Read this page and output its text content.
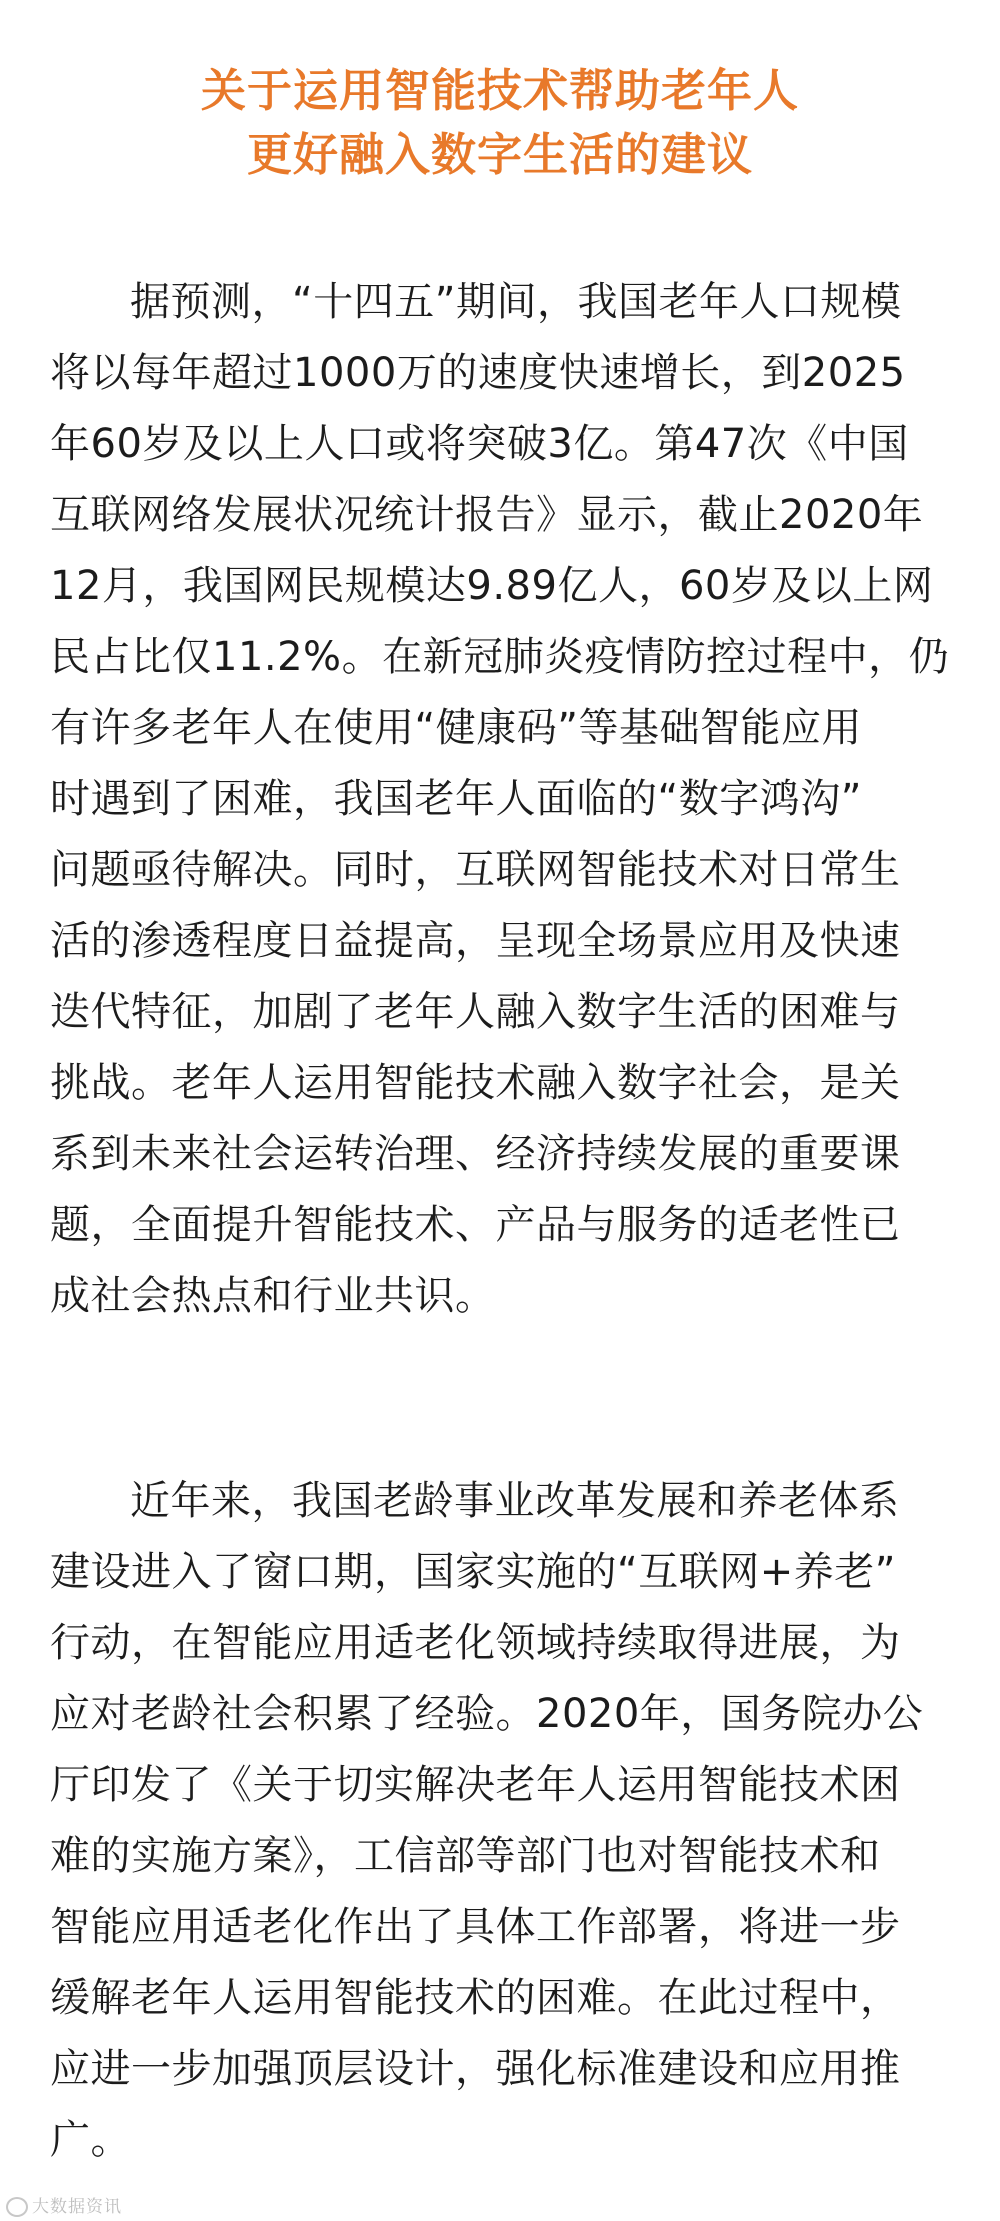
关于运用智能技术帮助老年人
更好融入数字生活的建议
据预测，“十四五”期间，我国老年人口规模
将以每年超过1000万的速度快速增长，到2025
年60岁及以上人口或将突破3亿。第47次《中国
互联网络发展状况统计报告》显示，截止2020年
12月，我国网民规模达9.89亿人，60岁及以上网
民占比仅11.2%。在新冠肺炎疫情防控过程中，仍
有许多老年人在使用“健康码”等基础智能应用
时遇到了困难，我国老年人面临的“数字鸿沟”
问题亟待解决。同时，互联网智能技术对日常生
活的渗透程度日益提高，呈现全场景应用及快速
迭代特征，加剧了老年人融入数字生活的困难与
挑战。老年人运用智能技术融入数字社会，是关
系到未来社会运转治理、经济持续发展的重要课
题，全面提升智能技术、产品与服务的适老性已
成社会热点和行业共识。
近年来，我国老龄事业改革发展和养老体系
建设进入了窗口期，国家实施的“互联网+养老”
行动，在智能应用适老化领域持续取得进展，为
应对老龄社会积累了经验。2020年，国务院办公
厅印发了《关于切实解决老年人运用智能技术困
难的实施方案》，工信部等部门也对智能技术和
智能应用适老化作出了具体工作部署，将进一步
缓解老年人运用智能技术的困难。在此过程中，
应进一步加强顶层设计，强化标准建设和应用推
广。
大数据资讯
